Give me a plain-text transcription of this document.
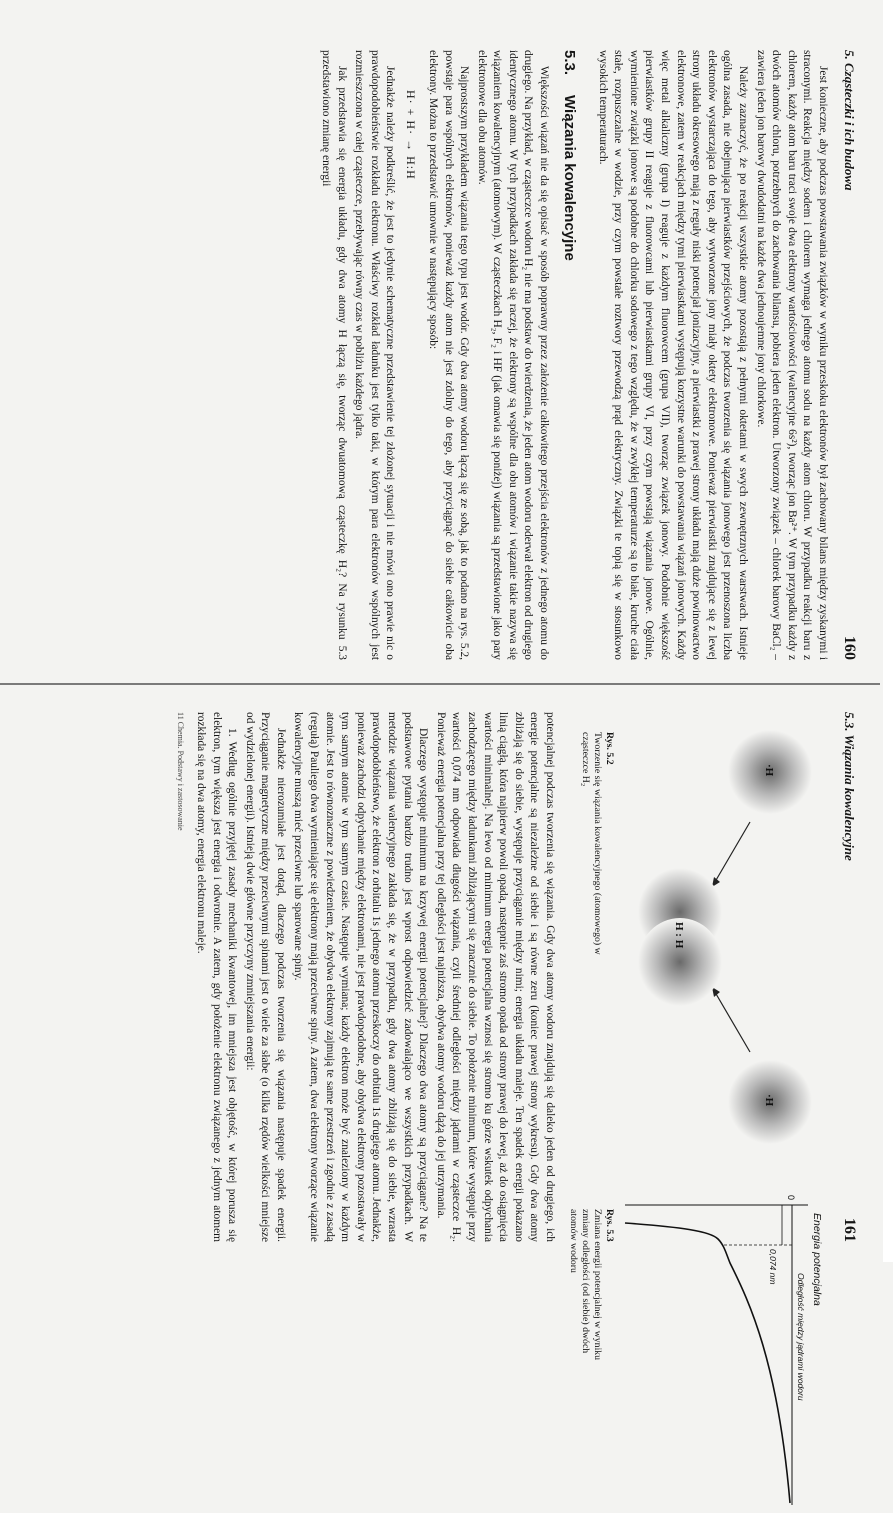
5. Cząsteczki i ich budowa
160

Jest konieczne, aby podczas powstawania związków w wyniku przeskoku elektronów był zachowany bilans między zyskanymi i straconymi. Reakcja między sodem i chlorem wymaga jednego atomu sodu na każdy atom chloru. W przypadku reakcji baru z chlorem, każdy atom baru traci swoje dwa elektrony wartościowości (walencyjne 6s²), tworząc jon Ba²⁺. W tym przypadku każdy z dwóch atomów chloru, potrzebnych do zachowania bilansu, pobiera jeden elektron. Utworzony związek – chlorek barowy BaCl₂ – zawiera jeden jon barowy dwudodatni na każde dwa jednoujemne jony chlorkowe.

Należy zaznaczyć, że po reakcji wszystkie atomy pozostają z pełnymi oktetami w swych zewnętrznych warstwach. Istnieje ogólna zasada, nie obejmująca pierwiastków przejściowych, że podczas tworzenia się wiązania jonowego jest przenoszona liczba elektronów wystarczająca do tego, aby wytworzone jony miały oktety elektronowe. Ponieważ pierwiastki znajdujące się z lewej strony układu okresowego mają z reguły niski potencjał jonizacyjny, a pierwiastki z prawej strony układu mają duże powinowactwo elektronowe, zatem w reakcjach między tymi pierwiastkami występują korzystne warunki do powstawania wiązań jonowych. Każdy więc metal alkaliczny (grupa I) reaguje z każdym fluorowcem (grupa VII), tworząc związek jonowy. Podobnie większość pierwiastków grupy II reaguje z fluorowcami lub pierwiastkami grupy VI, przy czym powstają wiązania jonowe. Ogólnie, wymienione związki jonowe są podobne do chlorku sodowego z tego względu, że w zwykłej temperaturze są to białe, kruche ciała stałe, rozpuszczalne w wodzie, przy czym powstałe roztwory przewodzą prąd elektryczny. Związki te topią się w stosunkowo wysokich temperaturach.

5.3.
Wiązania kowalencyjne

Większości wiązań nie da się opisać w sposób poprawny przez założenie całkowitego przejścia elektronów z jednego atomu do drugiego. Na przykład, w cząsteczce wodoru H₂ nie ma podstaw do twierdzenia, że jeden atom wodoru oderwał elektron od drugiego identycznego atomu. W tych przypadkach zakłada się raczej, że elektrony są wspólne dla obu atomów i wiązanie takie nazywa się wiązaniem kowalencyjnym (atomowym). W cząsteczkach H₂, F₂ i HF (jak omawia się poniżej) wiązania są przedstawione jako pary elektronowe dla obu atomów.

Najprostszym przykładem wiązania tego typu jest wodór. Gdy dwa atomy wodoru łączą się ze sobą, jak to podano na rys. 5.2, powstaje para wspólnych elektronów, ponieważ każdy atom nie jest zdolny do tego, aby przyciągnąć do siebie całkowicie oba elektrony. Można to przedstawić umownie w następujący sposób:

H· + H· → H:H

Jednakże należy podkreślić, że jest to jedynie schematyczne przedstawienie tej złożonej sytuacji i nie mówi ono prawie nic o prawdopodobieństwie rozkładu elektronu. Właściwy rozkład ładunku jest tylko taki, w którym para elektronów wspólnych jest rozmieszczona w całej cząsteczce, przebywając równy czas w pobliżu każdego jądra.

Jak przedstawia się energia układu, gdy dwa atomy H łączą się, tworząc dwuatomową cząsteczkę H₂? Na rysunku 5.3 przedstawiono zmianę energii

5.3. Wiązania kowalencyjne
161
·H
·H
H : H
Rys. 5.2
Tworzenie się wiązania kowalencyjnego (atomowego) w cząsteczce H₂
0
Energia potencjalna
Odległość między jądrami wodoru
0,074 nm
Rys. 5.3
Zmiana energii potencjalnej w wyniku zmiany odległości (od siebie) dwóch atomów wodoru

potencjalnej podczas tworzenia się wiązania. Gdy dwa atomy wodoru znajdują się daleko jeden od drugiego, ich energie potencjalne są niezależne od siebie i są równe zeru (koniec prawej strony wykresu). Gdy dwa atomy zbliżają się do siebie, występuje przyciąganie między nimi; energia układu maleje. Ten spadek energii pokazano linią ciągłą, która najpierw powoli opada, następnie zaś stromo opada od strony prawej do lewej, aż do osiągnięcia wartości minimalnej. Na lewo od minimum energia potencjalna wznosi się stromo ku górze wskutek odpychania zachodzącego między ładunkami zbliżającymi się znacznie do siebie. To położenie minimum, które występuje przy wartości 0,074 nm odpowiada długości wiązania, czyli średniej odległości między jądrami w cząsteczce H₂. Ponieważ energia potencjalna przy tej odległości jest najniższa, obydwa atomy wodoru dążą do jej utrzymania.

Dlaczego występuje minimum na krzywej energii potencjalnej? Dlaczego dwa atomy są przyciągane? Na te podstawowe pytania bardzo trudno jest wprost odpowiedzieć zadowalająco we wszystkich przypadkach. W metodzie wiązania walencyjnego zakłada się, że w przypadku, gdy dwa atomy zbliżają się do siebie, wzrasta prawdopodobieństwo, że elektron z orbitalu 1s jednego atomu przeskoczy do orbitalu 1s drugiego atomu. Jednakże, ponieważ zachodzi odpychanie między elektronami, nie jest prawdopodobne, aby obydwa elektrony pozostawały w tym samym atomie w tym samym czasie. Następuje wymiana; każdy elektron może być znaleziony w każdym atomie. Jest to równoznaczne z powiedzeniem, że obydwa elektrony zajmują te same przestrzeń i zgodnie z zasadą (regułą) Pauliego dwa wymieniające się elektrony mają przeciwne spiny. A zatem, dwa elektrony tworzące wiązanie kowalencyjne muszą mieć przeciwne lub sparowane spiny.

Jednakże nierozumiałe jest dotąd, dlaczego podczas tworzenia się wiązania następuje spadek energii. Przyciąganie magnetyczne między przeciwnymi spinami jest o wiele za słabe (o kilka rzędów wielkości mniejsze od wydzielonej energii). Istnieją dwie główne przyczyny zmniejszania energii:

1. Według ogólnie przyjętej zasady mechaniki kwantowej, im mniejsza jest objętość, w której porusza się elektron, tym większa jest energia i odwrotnie. A zatem, gdy położenie elektronu związanego z jednym atomem rozkłada się na dwa atomy, energia elektronu maleje.

11 Chemia. Podstawy i zastosowanie
